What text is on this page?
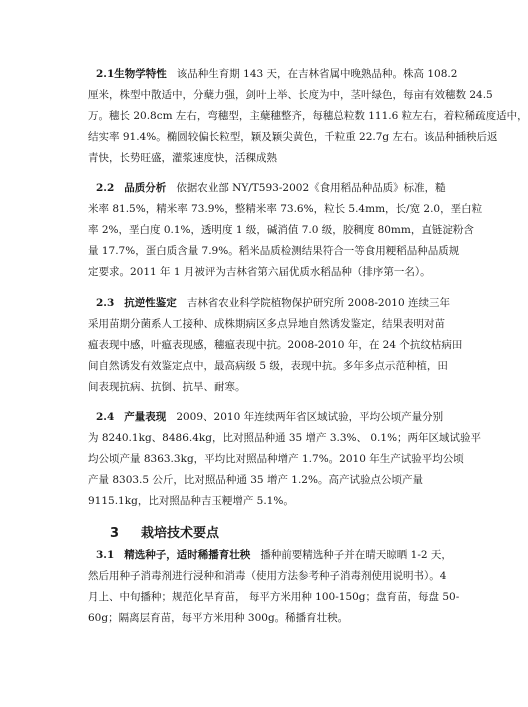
2.1生物学特性 该品种生育期 143 天，在吉林省属中晚熟品种。株高 108.2
厘米，株型中散适中，分蘖力强，剑叶上举、长度为中，茎叶绿色，每亩有效穗数 24.5
万。穗长 20.8cm 左右，弯穗型，主蘖穗整齐，每穗总粒数 111.6 粒左右，着粒稀疏度适中，
结实率 91.4%。椭圆较偏长粒型，颖及颖尖黄色，千粒重 22.7g 左右。该品种插秧后返
青快，长势旺盛，灌浆速度快，活稞成熟
2.2 品质分析 依据农业部 NY/T593-2002《食用稻品种品质》标准，糙
米率 81.5%，精米率 73.9%，整精米率 73.6%，粒长 5.4mm，长/宽 2.0，垩白粒
率 2%，垩白度 0.1%，透明度 1 级，碱消值 7.0 级，胶稠度 80mm，直链淀粉含
量 17.7%，蛋白质含量 7.9%。稻米品质检测结果符合一等食用粳稻品种品质规
定要求。2011 年 1 月被评为吉林省第六届优质水稻品种（排序第一名）。
2.3 抗逆性鉴定 吉林省农业科学院植物保护研究所 2008-2010 连续三年
采用苗期分菌系人工接种、成株期病区多点异地自然诱发鉴定，结果表明对苗
瘟表现中感，叶瘟表现感，穗瘟表现中抗。2008-2010 年，在 24 个抗纹枯病田
间自然诱发有效鉴定点中，最高病级 5 级，表现中抗。多年多点示范种植，田
间表现抗病、抗倒、抗旱、耐寒。
2.4 产量表现 2009、2010 年连续两年省区域试验，平均公顷产量分别
为 8240.1kg、8486.4kg，比对照品种通 35 增产 3.3%、 0.1%；两年区域试验平
均公顷产量 8363.3kg，平均比对照品种增产 1.7%。2010 年生产试验平均公顷
产量 8303.5 公斤，比对照品种通 35 增产 1.2%。高产试验点公顷产量
9115.1kg，比对照品种吉玉粳增产 5.1%。
3 栽培技术要点
3.1 精选种子，适时稀播育壮秧 播种前要精选种子并在晴天晾晒 1-2 天，
然后用种子消毒剂进行浸种和消毒（使用方法参考种子消毒剂使用说明书）。4
月上、中旬播种；规范化旱育苗， 每平方米用种 100-150g；盘育苗，每盘 50-
60g；隔离层育苗，每平方米用种 300g。稀播育壮秧。
